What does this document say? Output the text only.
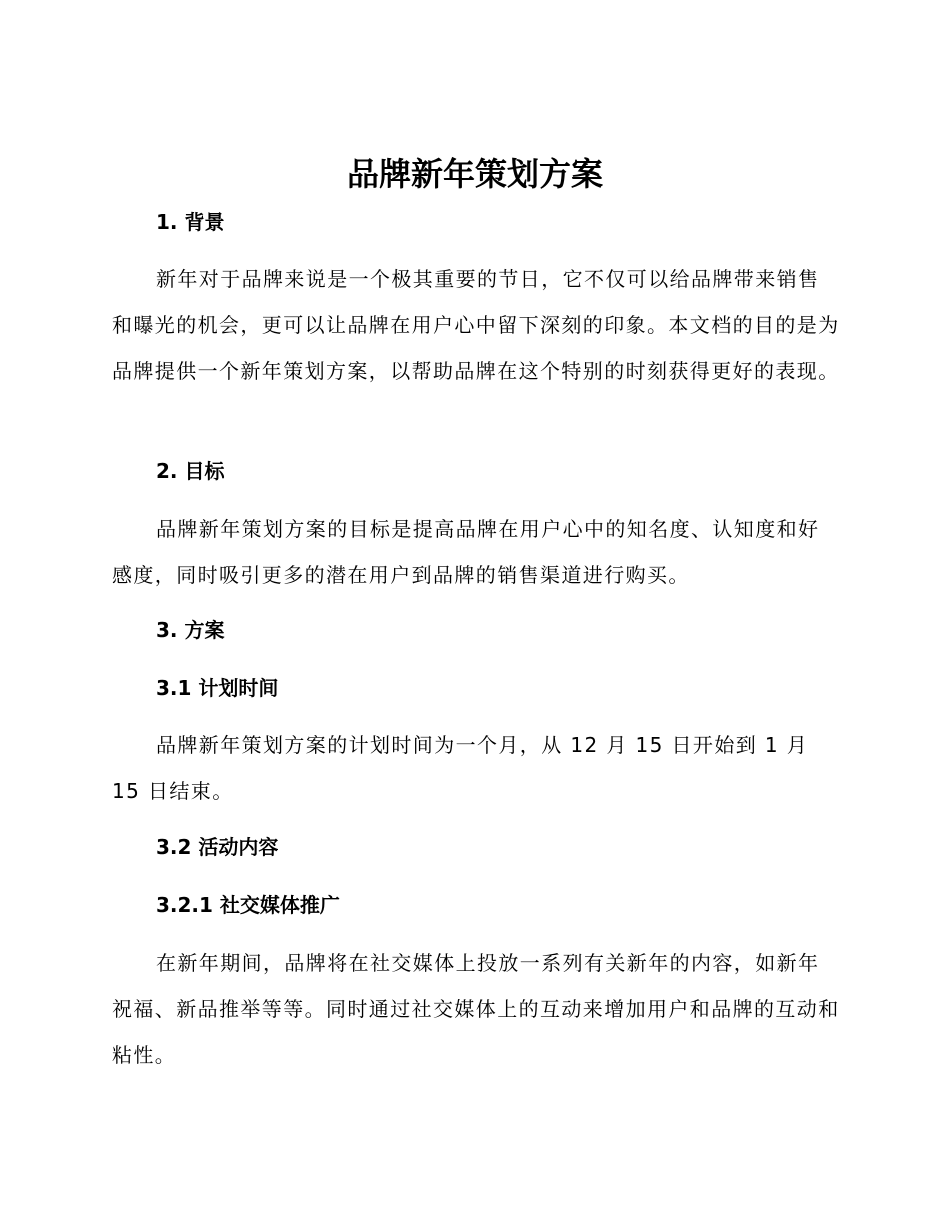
品牌新年策划方案
1. 背景

新年对于品牌来说是一个极其重要的节日，它不仅可以给品牌带来销售和曝光的机会，更可以让品牌在用户心中留下深刻的印象。本文档的目的是为品牌提供一个新年策划方案，以帮助品牌在这个特别的时刻获得更好的表现。

2. 目标

品牌新年策划方案的目标是提高品牌在用户心中的知名度、认知度和好感度，同时吸引更多的潜在用户到品牌的销售渠道进行购买。

3. 方案
3.1 计划时间

品牌新年策划方案的计划时间为一个月，从 12 月 15 日开始到 1 月 15 日结束。

3.2 活动内容
3.2.1 社交媒体推广

在新年期间，品牌将在社交媒体上投放一系列有关新年的内容，如新年祝福、新品推举等等。同时通过社交媒体上的互动来增加用户和品牌的互动和粘性。
